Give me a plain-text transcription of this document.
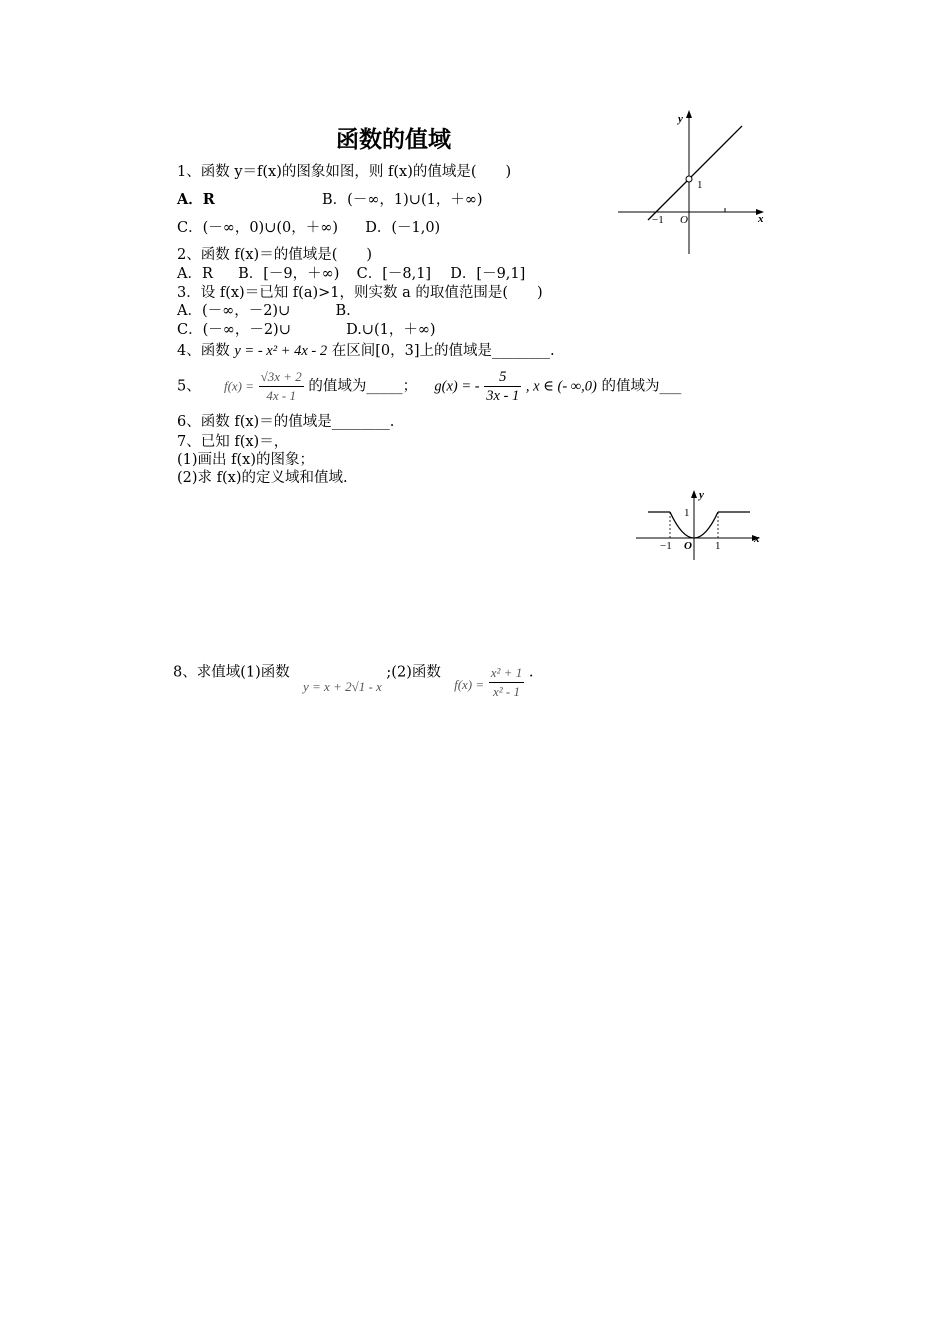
函数的值域
1、函数 y＝f(x)的图象如图，则 f(x)的值域是(　　)
A．R	B．(－∞，1)∪(1，＋∞)
C．(－∞，0)∪(0，＋∞) D．(－1,0)
2、函数 f(x)＝的值域是(　　)
A．R B．[－9，＋∞) C．[－8,1] D．[－9,1]
3．设 f(x)＝已知 f(a)>1，则实数 a 的取值范围是(　　)
A．(－∞，－2)∪	B.
C．(－∞，－2)∪	D.∪(1，＋∞)
4、函数 y = - x² + 4x - 2 在区间[0，3]上的值域是________.
5、 $f(x) = \frac{√3x + 2}{4x - 1}$ 的值域为_____； g(x) = - $\frac{5}{3x - 1}$ , x ∈ (- ∞,0) 的值域为___
6、函数 f(x)＝的值域是________.
7、已知 f(x)＝，
(1)画出 f(x)的图象；
(2)求 f(x)的定义域和值域.
8、求值域(1)函数  y = x + 2√1 - x ;(2)函数  $f(x) = \frac{\text{x² + 1}}{\text{x² - 1}}$ .
y
x
1
−1 O
y
x
1
−1 O 1
